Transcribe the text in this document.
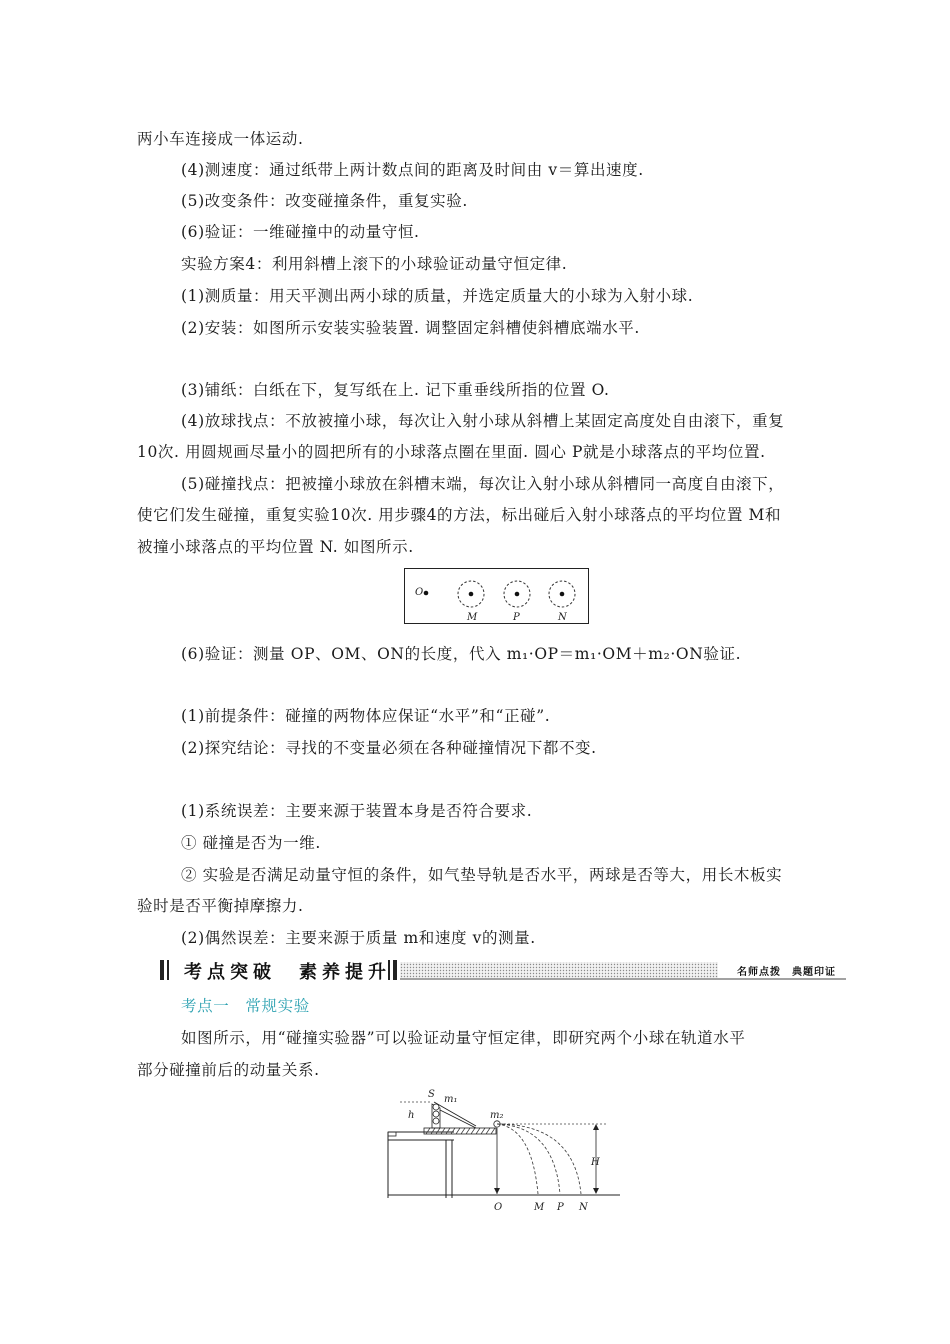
两小车连接成一体运动.
(4)测速度：通过纸带上两计数点间的距离及时间由 v＝算出速度.
(5)改变条件：改变碰撞条件，重复实验.
(6)验证：一维碰撞中的动量守恒.
实验方案4：利用斜槽上滚下的小球验证动量守恒定律.
(1)测质量：用天平测出两小球的质量，并选定质量大的小球为入射小球.
(2)安装：如图所示安装实验装置. 调整固定斜槽使斜槽底端水平.
(3)铺纸：白纸在下，复写纸在上. 记下重垂线所指的位置 O.
(4)放球找点：不放被撞小球，每次让入射小球从斜槽上某固定高度处自由滚下，重复
10次. 用圆规画尽量小的圆把所有的小球落点圈在里面. 圆心 P就是小球落点的平均位置.
(5)碰撞找点：把被撞小球放在斜槽末端，每次让入射小球从斜槽同一高度自由滚下，
使它们发生碰撞，重复实验10次. 用步骤4的方法，标出碰后入射小球落点的平均位置 M和
被撞小球落点的平均位置 N. 如图所示.
O
M	P	N
(6)验证：测量 OP、OM、ON的长度，代入 m₁·OP＝m₁·OM＋m₂·ON验证.
(1)前提条件：碰撞的两物体应保证“水平”和“正碰”.
(2)探究结论：寻找的不变量必须在各种碰撞情况下都不变.
(1)系统误差：主要来源于装置本身是否符合要求.
① 碰撞是否为一维.
② 实验是否满足动量守恒的条件，如气垫导轨是否水平，两球是否等大，用长木板实
验时是否平衡掉摩擦力.
(2)偶然误差：主要来源于质量 m和速度 v的测量.
考点突破　素养提升	名师点拨　典题印证
考点一　常规实验
如图所示，用“碰撞实验器”可以验证动量守恒定律，即研究两个小球在轨道水平
部分碰撞前后的动量关系.
h
S m₁
m₂
H
O	M P N
